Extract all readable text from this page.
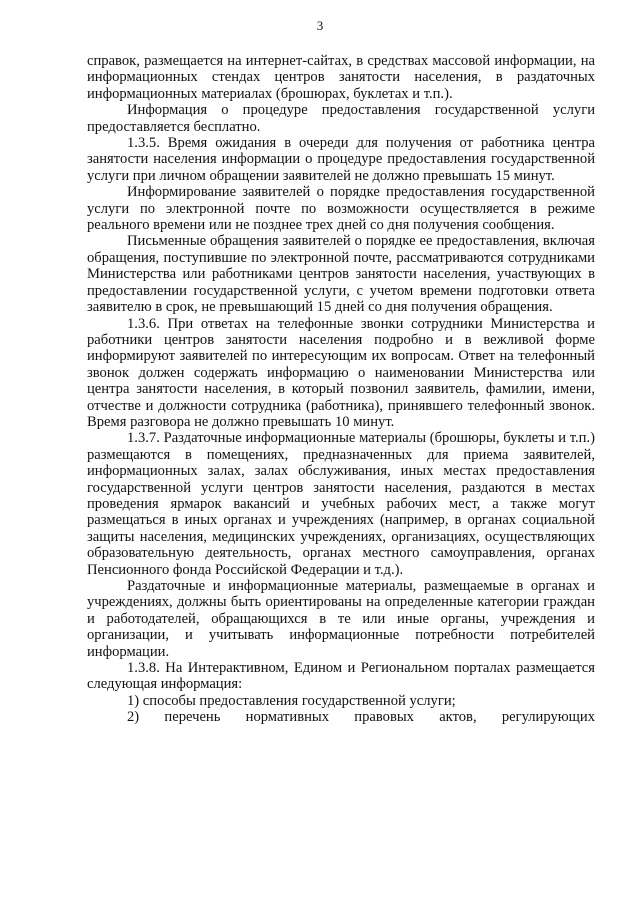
3

справок, размещается на интернет-сайтах, в средствах массовой информации, на информационных стендах центров занятости населения, в раздаточных информационных материалах (брошюрах, буклетах и т.п.).

Информация о процедуре предоставления государственной услуги предоставляется бесплатно.

1.3.5. Время ожидания в очереди для получения от работника центра занятости населения информации о процедуре предоставления государственной услуги при личном обращении заявителей не должно превышать 15 минут.

Информирование заявителей о порядке предоставления государственной услуги по электронной почте по возможности осуществляется в режиме реального времени или не позднее трех дней со дня получения сообщения.

Письменные обращения заявителей о порядке ее предоставления, включая обращения, поступившие по электронной почте, рассматриваются сотрудниками Министерства или работниками центров занятости населения, участвующих в предоставлении государственной услуги, с учетом времени подготовки ответа заявителю в срок, не превышающий 15 дней со дня получения обращения.

1.3.6. При ответах на телефонные звонки сотрудники Министерства и работники центров занятости населения подробно и в вежливой форме информируют заявителей по интересующим их вопросам. Ответ на телефонный звонок должен содержать информацию о наименовании Министерства или центра занятости населения, в который позвонил заявитель, фамилии, имени, отчестве и должности сотрудника (работника), принявшего телефонный звонок. Время разговора не должно превышать 10 минут.

1.3.7. Раздаточные информационные материалы (брошюры, буклеты и т.п.) размещаются в помещениях, предназначенных для приема заявителей, информационных залах, залах обслуживания, иных местах предоставления государственной услуги центров занятости населения, раздаются в местах проведения ярмарок вакансий и учебных рабочих мест, а также могут размещаться в иных органах и учреждениях (например, в органах социальной защиты населения, медицинских учреждениях, организациях, осуществляющих образовательную деятельность, органах местного самоуправления, органах Пенсионного фонда Российской Федерации и т.д.).

Раздаточные и информационные материалы, размещаемые в органах и учреждениях, должны быть ориентированы на определенные категории граждан и работодателей, обращающихся в те или иные органы, учреждения и организации, и учитывать информационные потребности потребителей информации.

1.3.8. На Интерактивном, Едином и Региональном порталах размещается следующая информация:

1) способы предоставления государственной услуги;

2) перечень нормативных правовых актов, регулирующих
